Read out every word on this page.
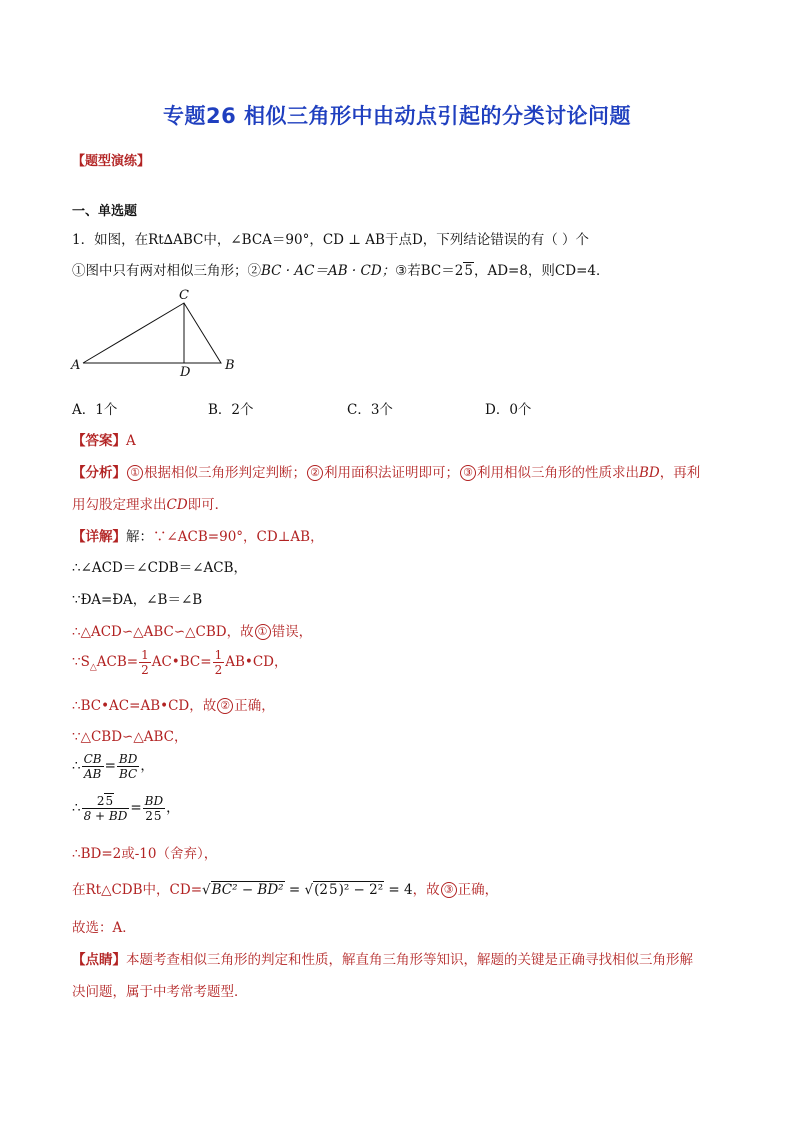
专题26 相似三角形中由动点引起的分类讨论问题
【题型演练】
一、单选题
1．如图，在Rt∆ABC中，∠BCA＝90°，CD ⊥ AB于点D，下列结论错误的有（ ）个
①图中只有两对相似三角形；②BC · AC＝AB · CD；③若BC＝25，AD=8，则CD=4．
C
A	D	B
A．1个	B．2个	C．3个	D．0个
【答案】A
【分析】 ① 根据相似三角形判定判断； ② 利用面积法证明即可； ③ 利用相似三角形的性质求出BD，再利
用勾股定理求出CD即可．
【详解】解：∵∠ACB=90°，CD⊥AB，
∴∠ACD＝∠CDB＝∠ACB，
∵ÐA=ÐA，∠B＝∠B
∴△ACD∽△ABC∽△CBD，故 ① 错误，
$\because S_\triangle ACB= \frac{1}{2}$ AC•BC= $\frac{1}{2}$ AB•CD，
∴BC•AC=AB•CD，故 ② 正确，
∵△CBD∽△ABC，
∴ $\frac{CB}{AB} = \frac{BD}{BC}$ ，
∴ $\frac{25}{8 + BD} = \frac{BD}{25}$ ，
∴BD=2或-10（舍弃），
在Rt△CDB中，CD=√BC² − BD² = √(25)² − 2² = 4，故 ③ 正确，
故选：A．
【点睛】本题考查相似三角形的判定和性质，解直角三角形等知识，解题的关键是正确寻找相似三角形解
决问题，属于中考常考题型．
